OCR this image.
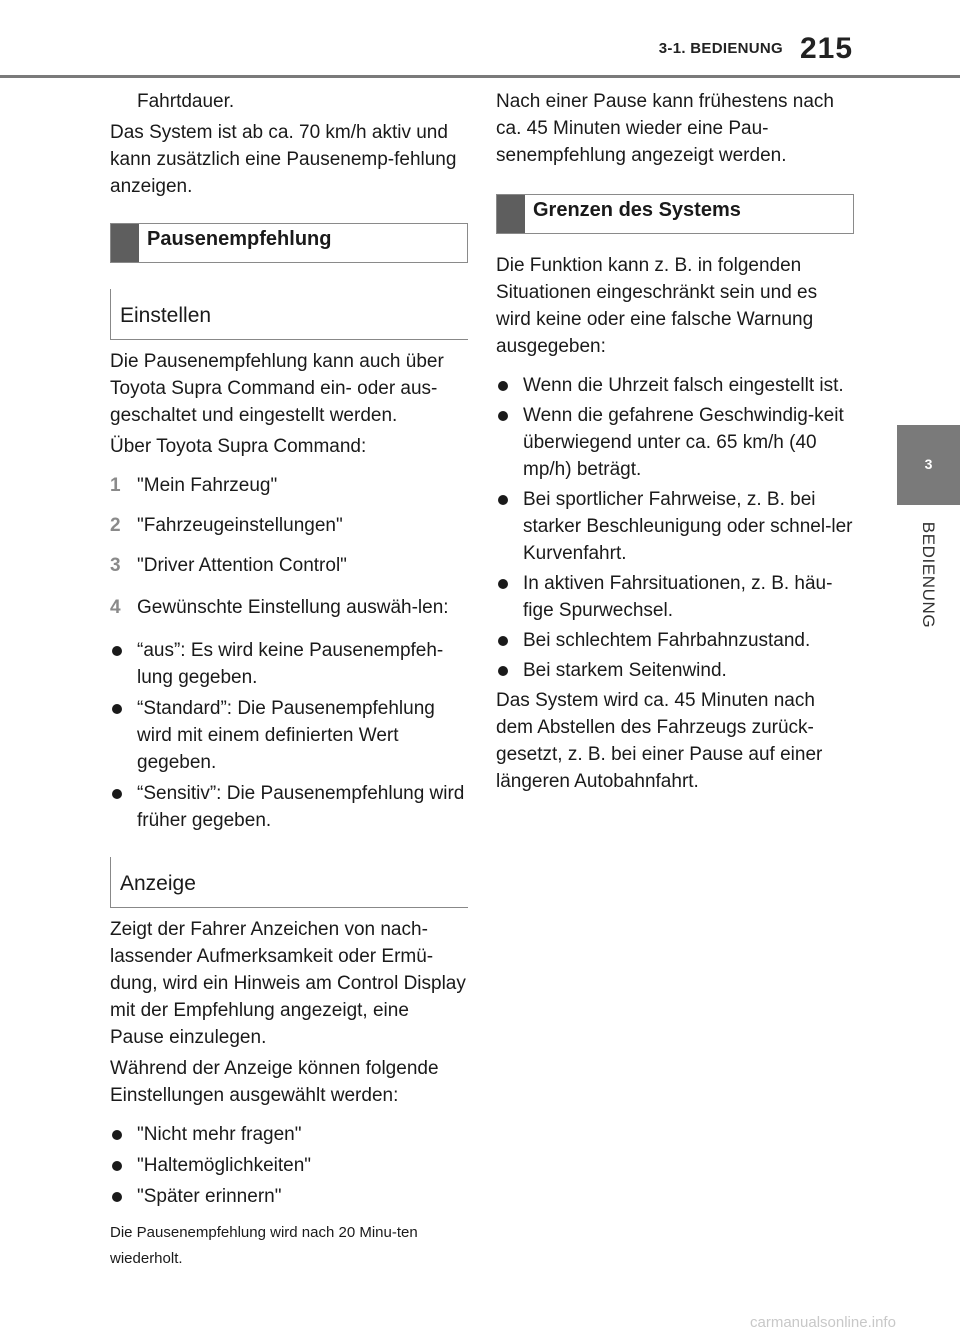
3-1. BEDIENUNG 215
3
BEDIENUNG

Fahrtdauer.

Das System ist ab ca. 70 km/h aktiv und kann zusätzlich eine Pausenemp-fehlung anzeigen.

Pausenempfehlung
Einstellen

Die Pausenempfehlung kann auch über Toyota Supra Command ein- oder aus-geschaltet und eingestellt werden.

Über Toyota Supra Command:

1 "Mein Fahrzeug"
2 "Fahrzeugeinstellungen"
3 "Driver Attention Control"
4 Gewünschte Einstellung auswäh-len:
“aus”: Es wird keine Pausenempfeh-lung gegeben.
“Standard”: Die Pausenempfehlung wird mit einem definierten Wert gegeben.
“Sensitiv”: Die Pausenempfehlung wird früher gegeben.
Anzeige

Zeigt der Fahrer Anzeichen von nach-lassender Aufmerksamkeit oder Ermü-dung, wird ein Hinweis am Control Display mit der Empfehlung angezeigt, eine Pause einzulegen.

Während der Anzeige können folgende Einstellungen ausgewählt werden:

"Nicht mehr fragen"
"Haltemöglichkeiten"
"Später erinnern"
Die Pausenempfehlung wird nach 20 Minu-ten wiederholt.

Nach einer Pause kann frühestens nach ca. 45 Minuten wieder eine Pau-senempfehlung angezeigt werden.

Grenzen des Systems

Die Funktion kann z. B. in folgenden Situationen eingeschränkt sein und es wird keine oder eine falsche Warnung ausgegeben:

Wenn die Uhrzeit falsch eingestellt ist.
Wenn die gefahrene Geschwindig-keit überwiegend unter ca. 65 km/h (40 mp/h) beträgt.
Bei sportlicher Fahrweise, z. B. bei starker Beschleunigung oder schnel-ler Kurvenfahrt.
In aktiven Fahrsituationen, z. B. häu-fige Spurwechsel.
Bei schlechtem Fahrbahnzustand.
Bei starkem Seitenwind.

Das System wird ca. 45 Minuten nach dem Abstellen des Fahrzeugs zurück-gesetzt, z. B. bei einer Pause auf einer längeren Autobahnfahrt.

carmanualsonline.info
